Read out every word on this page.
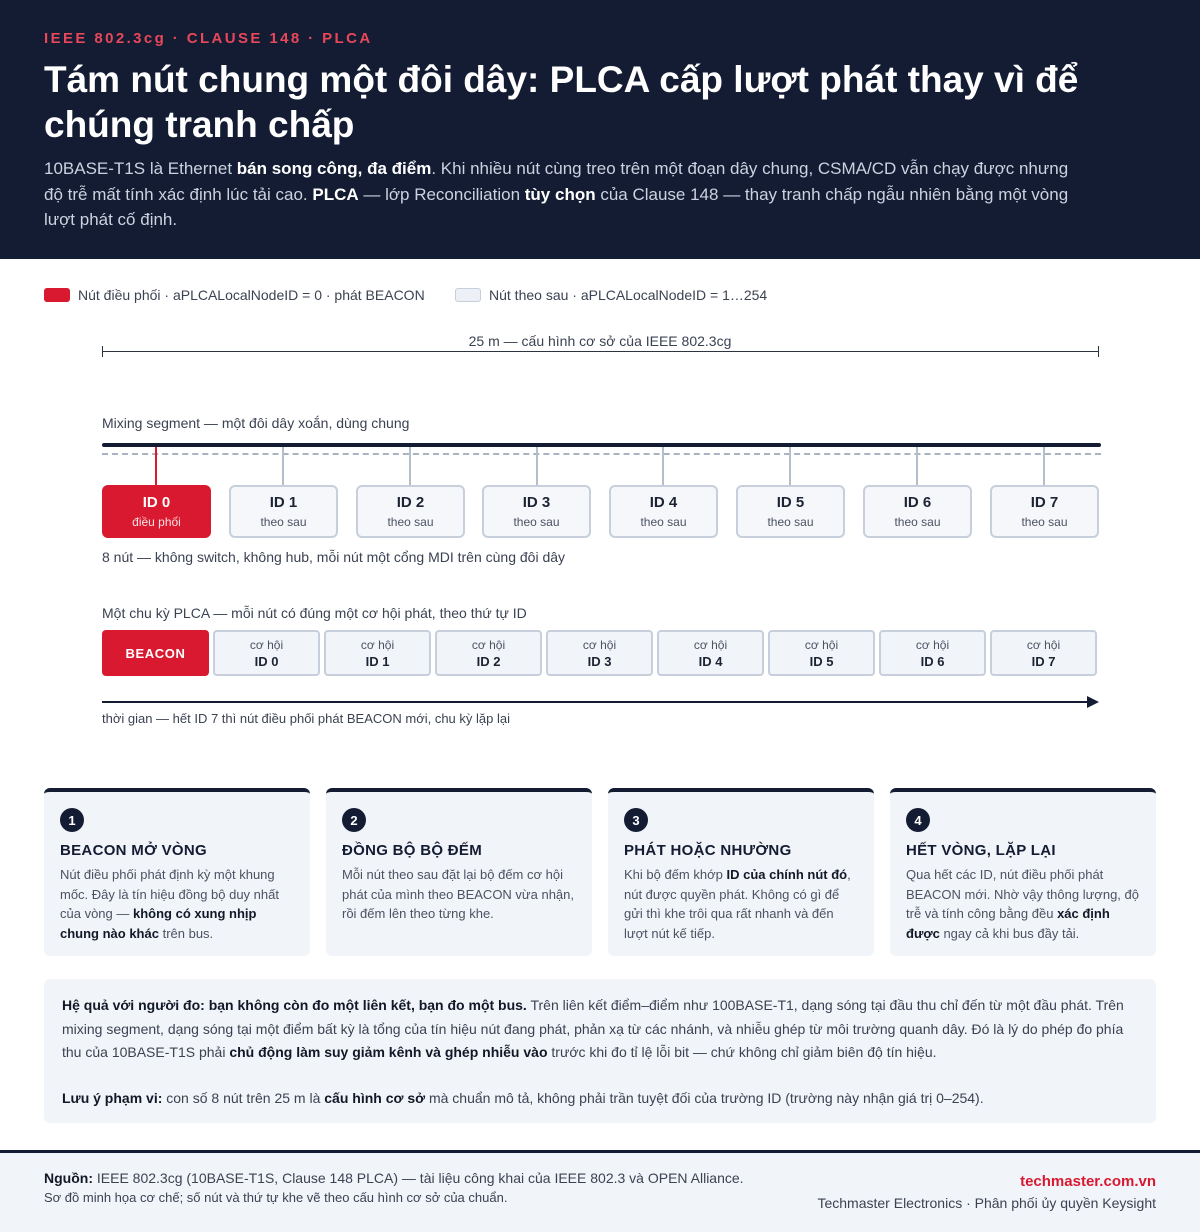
IEEE 802.3cg · CLAUSE 148 · PLCA
Tám nút chung một đôi dây: PLCA cấp lượt phát thay vì để chúng tranh chấp
10BASE-T1S là Ethernet bán song công, đa điểm. Khi nhiều nút cùng treo trên một đoạn dây chung, CSMA/CD vẫn chạy được nhưng độ trễ mất tính xác định lúc tải cao. PLCA — lớp Reconciliation tùy chọn của Clause 148 — thay tranh chấp ngẫu nhiên bằng một vòng lượt phát cố định.
Nút điều phối · aPLCALocalNodeID = 0 · phát BEACON	Nút theo sau · aPLCALocalNodeID = 1…254
25 m — cấu hình cơ sở của IEEE 802.3cg
Mixing segment — một đôi dây xoắn, dùng chung
ID 0
điều phối
ID 1
theo sau
ID 2
theo sau
ID 3
theo sau
ID 4
theo sau
ID 5
theo sau
ID 6
theo sau
ID 7
theo sau
8 nút — không switch, không hub, mỗi nút một cổng MDI trên cùng đôi dây
Một chu kỳ PLCA — mỗi nút có đúng một cơ hội phát, theo thứ tự ID
BEACON
cơ hội
ID 0
cơ hội
ID 1
cơ hội
ID 2
cơ hội
ID 3
cơ hội
ID 4
cơ hội
ID 5
cơ hội
ID 6
cơ hội
ID 7
thời gian — hết ID 7 thì nút điều phối phát BEACON mới, chu kỳ lặp lại
1
BEACON MỞ VÒNG
Nút điều phối phát định kỳ một khung mốc. Đây là tín hiệu đồng bộ duy nhất của vòng — không có xung nhịp chung nào khác trên bus.
2
ĐỒNG BỘ BỘ ĐẾM
Mỗi nút theo sau đặt lại bộ đếm cơ hội phát của mình theo BEACON vừa nhận, rồi đếm lên theo từng khe.
3
PHÁT HOẶC NHƯỜNG
Khi bộ đếm khớp ID của chính nút đó, nút được quyền phát. Không có gì để gửi thì khe trôi qua rất nhanh và đến lượt nút kế tiếp.
4
HẾT VÒNG, LẶP LẠI
Qua hết các ID, nút điều phối phát BEACON mới. Nhờ vậy thông lượng, độ trễ và tính công bằng đều xác định được ngay cả khi bus đầy tải.

Hệ quả với người đo: bạn không còn đo một liên kết, bạn đo một bus. Trên liên kết điểm–điểm như 100BASE-T1, dạng sóng tại đầu thu chỉ đến từ một đầu phát. Trên mixing segment, dạng sóng tại một điểm bất kỳ là tổng của tín hiệu nút đang phát, phản xạ từ các nhánh, và nhiễu ghép từ môi trường quanh dây. Đó là lý do phép đo phía thu của 10BASE-T1S phải chủ động làm suy giảm kênh và ghép nhiễu vào trước khi đo tỉ lệ lỗi bit — chứ không chỉ giảm biên độ tín hiệu.

Lưu ý phạm vi: con số 8 nút trên 25 m là cấu hình cơ sở mà chuẩn mô tả, không phải trần tuyệt đối của trường ID (trường này nhận giá trị 0–254).

Nguồn: IEEE 802.3cg (10BASE-T1S, Clause 148 PLCA) — tài liệu công khai của IEEE 802.3 và OPEN Alliance.
Sơ đồ minh họa cơ chế; số nút và thứ tự khe vẽ theo cấu hình cơ sở của chuẩn.
techmaster.com.vn
Techmaster Electronics · Phân phối ủy quyền Keysight
